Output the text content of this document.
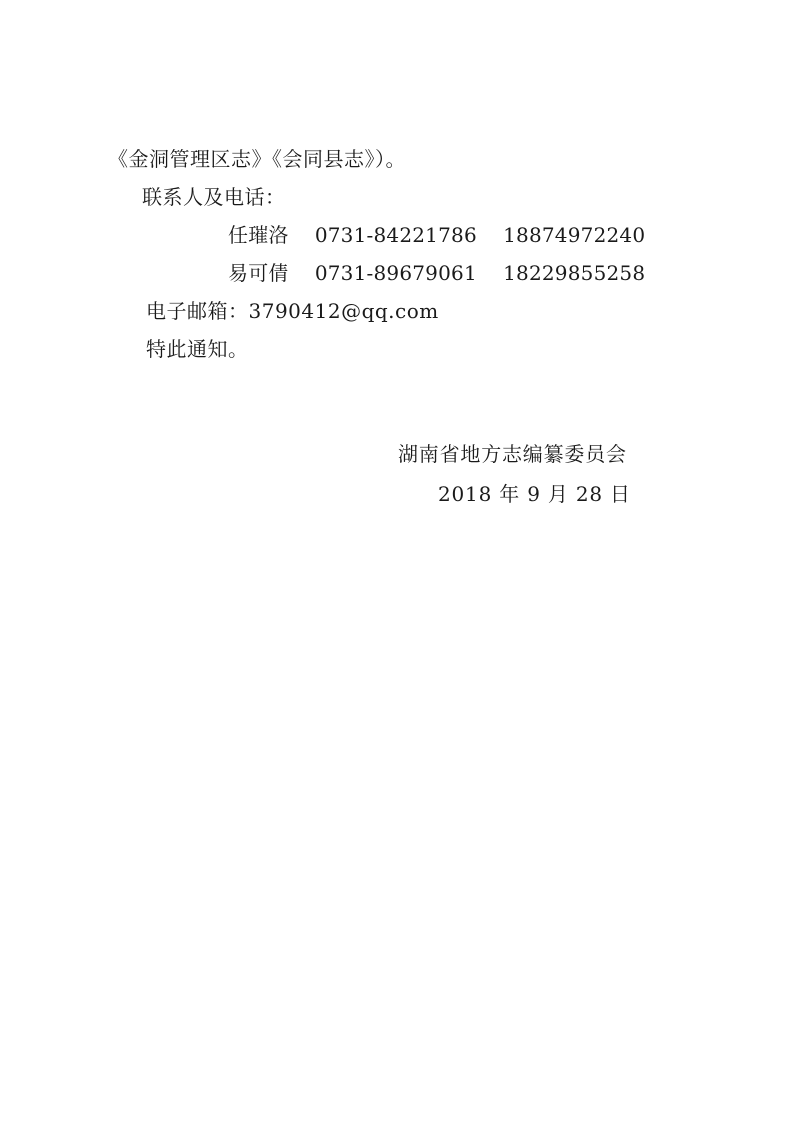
《金洞管理区志》《会同县志》）。
联系人及电话：
任璀洛    0731-84221786    18874972240
易可倩    0731-89679061    18229855258
电子邮箱：3790412@qq.com
特此通知。
湖南省地方志编纂委员会
2018 年 9 月 28 日
